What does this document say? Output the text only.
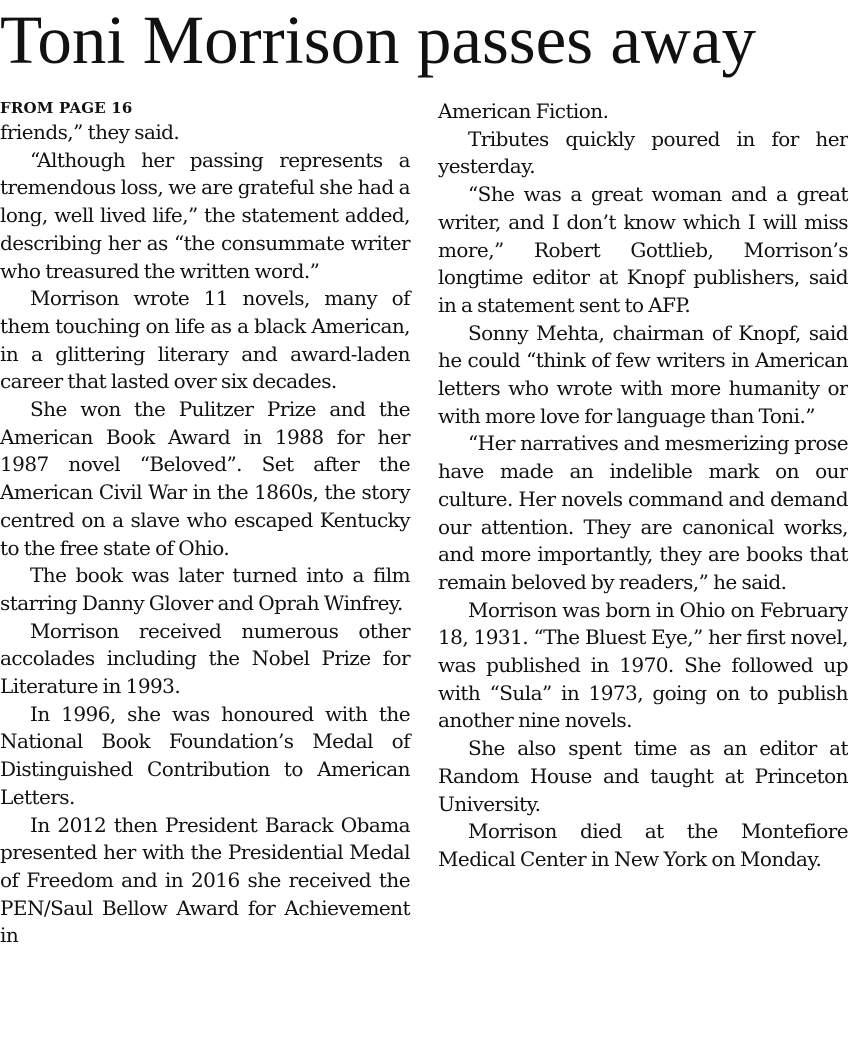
Toni Morrison passes away
FROM PAGE 16

friends,” they said.

“Although her passing represents a tremendous loss, we are grateful she had a long, well lived life,” the statement added, describing her as “the consummate writer who treasured the written word.”

Morrison wrote 11 novels, many of them touching on life as a black American, in a glittering literary and award-laden career that lasted over six decades.

She won the Pulitzer Prize and the American Book Award in 1988 for her 1987 novel “Beloved”. Set after the American Civil War in the 1860s, the story centred on a slave who escaped Kentucky to the free state of Ohio.

The book was later turned into a film starring Danny Glover and Oprah Winfrey.

Morrison received numerous other accolades including the Nobel Prize for Literature in 1993.

In 1996, she was honoured with the National Book Foundation’s Medal of Distinguished Contribution to American Letters.

In 2012 then President Barack Obama presented her with the Presidential Medal of Freedom and in 2016 she received the PEN/Saul Bellow Award for Achievement in

American Fiction.

Tributes quickly poured in for her yesterday.

“She was a great woman and a great writer, and I don’t know which I will miss more,” Robert Gottlieb, Morrison’s longtime editor at Knopf publishers, said in a statement sent to AFP.

Sonny Mehta, chairman of Knopf, said he could “think of few writers in American letters who wrote with more humanity or with more love for language than Toni.”

“Her narratives and mesmerizing prose have made an indelible mark on our culture. Her novels command and demand our attention. They are canonical works, and more importantly, they are books that remain beloved by readers,” he said.

Morrison was born in Ohio on February 18, 1931. “The Bluest Eye,” her first novel, was published in 1970. She followed up with “Sula” in 1973, going on to publish another nine novels.

She also spent time as an editor at Random House and taught at Princeton University.

Morrison died at the Montefiore Medical Center in New York on Monday.
